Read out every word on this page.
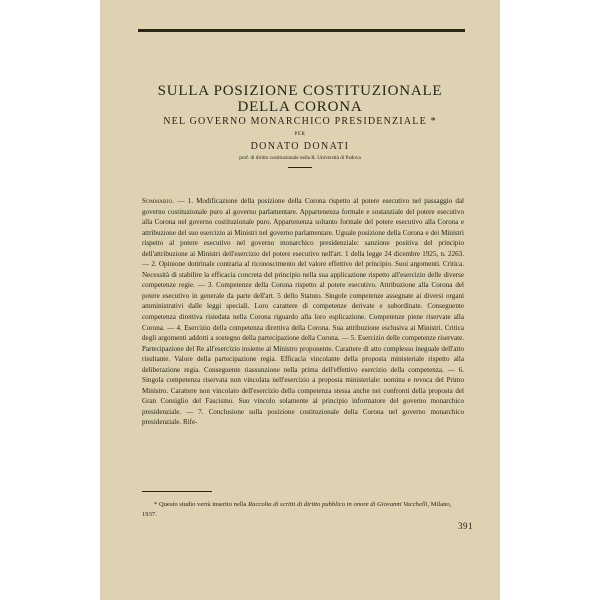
SULLA POSIZIONE COSTITUZIONALE
DELLA CORONA
NEL GOVERNO MONARCHICO PRESIDENZIALE *
PER
DONATO DONATI
prof. di diritto costituzionale nella R. Università di Padova
Sommario. — 1. Modificazione della posizione della Corona rispetto al potere esecutivo nel passaggio dal governo costituzionale puro al governo parlamentare. Appartenenza formale e sostanziale del potere esecutivo alla Corona nel governo costituzionale puro. Appartenenza soltanto formale del potere esecutivo alla Corona e attribuzione del suo esercizio ai Ministri nel governo parlamentare. Uguale posizione della Corona e dei Ministri rispetto al potere esecutivo nel governo monarchico presidenziale: sanzione positiva del principio dell'attribuzione ai Ministri dell'esercizio del potere esecutivo nell'art. 1 della legge 24 dicembre 1925, n. 2263. — 2. Opinione dottrinale contraria al riconoscimento del valore effettivo del principio. Suoi argomenti. Critica. Necessità di stabilire la efficacia concreta del principio nella sua applicazione rispetto all'esercizio delle diverse competenze regie. — 3. Competenze della Corona rispetto al potere esecutivo. Attribuzione alla Corona del potere esecutivo in generale da parte dell'art. 5 dello Statuto. Singole competenze assegnate ai diversi organi amministrativi dalle leggi speciali. Loro carattere di competenze derivate e subordinate. Conseguente competenza direttiva risiedata nella Corona riguardo alla loro esplicazione. Competenze piene riservate alla Corona. — 4. Esercizio della competenza direttiva della Corona. Sua attribuzione esclusiva ai Ministri. Critica degli argomenti addotti a sostegno della partecipazione della Corona. — 5. Esercizio delle competenze riservate. Partecipazione del Re all'esercizio insieme al Ministro proponente. Carattere di atto complesso ineguale dell'atto risultante. Valore della partecipazione regia. Efficacia vincolante della proposta ministeriale rispetto alla deliberazione regia. Conseguente riassunzione nella prima dell'effettivo esercizio della competenza. — 6. Singola competenza riservata non vincolata nell'esercizio a proposta ministeriale: nomina e revoca del Primo Ministro. Carattere non vincolato dell'esercizio della competenza stessa anche nei confronti della proposta del Gran Consiglio del Fascismo. Suo vincolo solamente al principio informatore del governo monarchico presidenziale. — 7. Conclusione sulla posizione costituzionale della Corona nel governo monarchico presidenziale. Rife-
* Questo studio verrà inserito nella Raccolta di scritti di diritto pubblico in onore di Giovanni Vacchelli, Milano, 1937.
391
